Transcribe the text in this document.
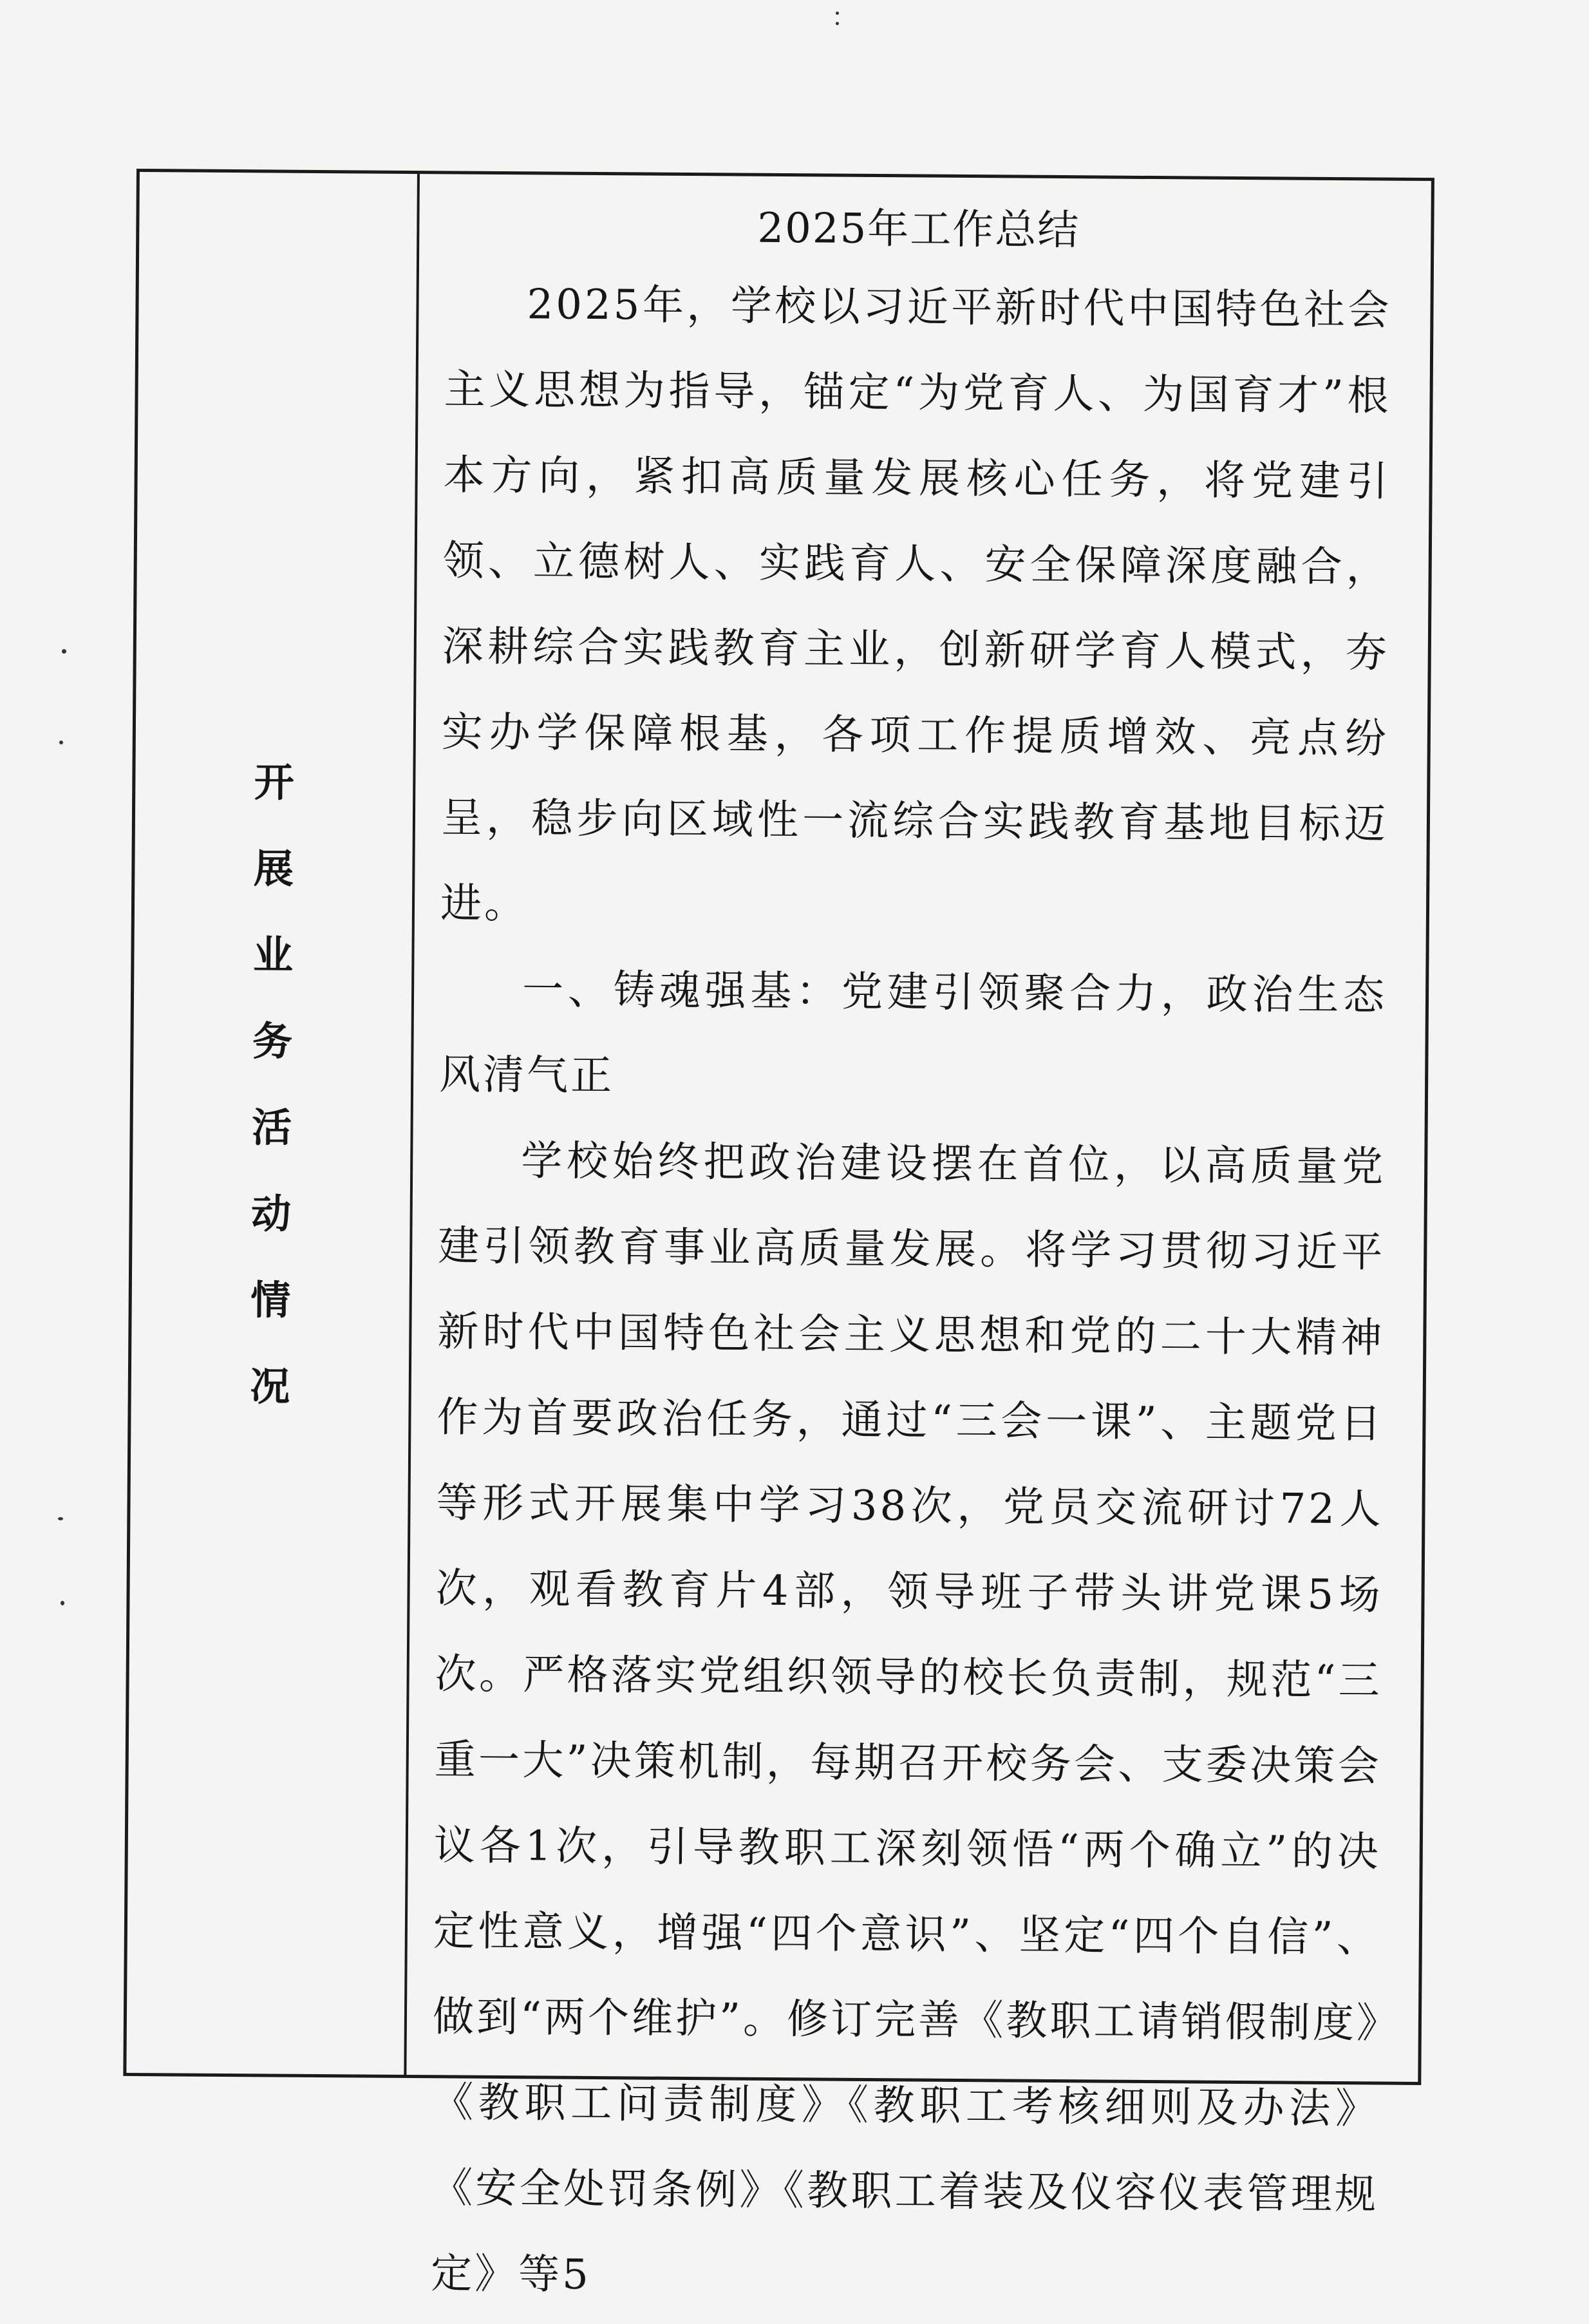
开
展
业
务
活
动
情
况
2025年工作总结

2025年，学校以习近平新时代中国特色社会主义思想为指导，锚定“为党育人、为国育才”根本方向，紧扣高质量发展核心任务，将党建引领、立德树人、实践育人、安全保障深度融合，深耕综合实践教育主业，创新研学育人模式，夯实办学保障根基，各项工作提质增效、亮点纷呈，稳步向区域性一流综合实践教育基地目标迈进。

一、铸魂强基：党建引领聚合力，政治生态风清气正

学校始终把政治建设摆在首位，以高质量党建引领教育事业高质量发展。将学习贯彻习近平新时代中国特色社会主义思想和党的二十大精神作为首要政治任务，通过“三会一课”、主题党日等形式开展集中学习38次，党员交流研讨72人次，观看教育片4部，领导班子带头讲党课5场次。严格落实党组织领导的校长负责制，规范“三重一大”决策机制，每期召开校务会、支委决策会议各1次，引导教职工深刻领悟“两个确立”的决定性意义，增强“四个意识”、坚定“四个自信”、做到“两个维护”。修订完善《教职工请销假制度》《教职工问责制度》《教职工考核细则及办法》《安全处罚条例》《教职工着装及仪容仪表管理规定》等5
